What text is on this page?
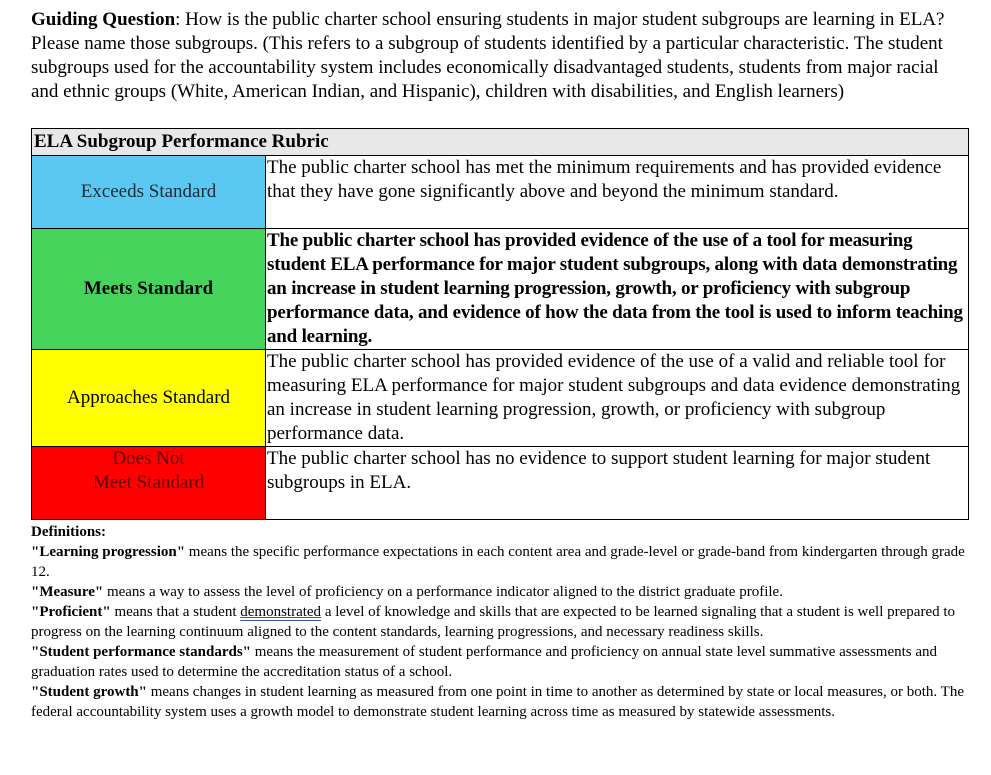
Guiding Question: How is the public charter school ensuring students in major student subgroups are learning in ELA? Please name those subgroups. (This refers to a subgroup of students identified by a particular characteristic. The student subgroups used for the accountability system includes economically disadvantaged students, students from major racial and ethnic groups (White, American Indian, and Hispanic), children with disabilities, and English learners)
ELA Subgroup Performance Rubric	
Exceeds Standard	The public charter school has met the minimum requirements and has provided evidence that they have gone significantly above and beyond the minimum standard.
Meets Standard	The public charter school has provided evidence of the use of a tool for measuring student ELA performance for major student subgroups, along with data demonstrating an increase in student learning progression, growth, or proficiency with subgroup performance data, and evidence of how the data from the tool is used to inform teaching and learning.
Approaches Standard	The public charter school has provided evidence of the use of a valid and reliable tool for measuring ELA performance for major student subgroups and data evidence demonstrating an increase in student learning progression, growth, or proficiency with subgroup performance data.

Does Not
Meet Standard	The public charter school has no evidence to support student learning for major student subgroups in ELA.

Definitions:

"Learning progression" means the specific performance expectations in each content area and grade-level or grade-band from kindergarten through grade 12.

"Measure" means a way to assess the level of proficiency on a performance indicator aligned to the district graduate profile.

"Proficient" means that a student demonstrated a level of knowledge and skills that are expected to be learned signaling that a student is well prepared to progress on the learning continuum aligned to the content standards, learning progressions, and necessary readiness skills.

"Student performance standards" means the measurement of student performance and proficiency on annual state level summative assessments and graduation rates used to determine the accreditation status of a school.

"Student growth" means changes in student learning as measured from one point in time to another as determined by state or local measures, or both. The federal accountability system uses a growth model to demonstrate student learning across time as measured by statewide assessments.
